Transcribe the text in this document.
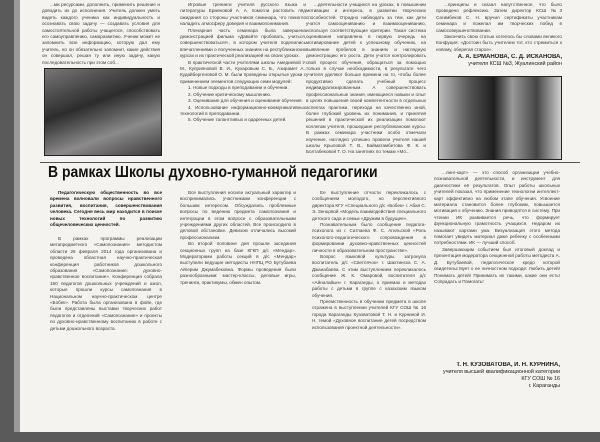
...ми ресурсами, дополнить, применить решение и доводить их до исполнения. Учитель должен уметь видеть каждого ученика как индивидуальность и осознавать свою задачу — создавать условия для самостоятельной работы учащегося, способствовать его самоуправлению, саморазвитию. Ученик может не запомнить всю информацию, которую дал ему учитель, но он обязательно запомнит, какие действия он совершал, решая ту или иную задачу, какую последовательность при этом соб...

Игровые тренинги учителя русского языка и литературы Ермековой А. А. помогли растопить лёд ожидания со стороны участников семинара, что помогло наладить атмосферу доверия и взаимопонимания.

Пленарная часть семинара была завершена демонстрацией фильма «Давайте пробовать, учиться, совершенствоваться!», в котором учителя поделились впечатлениями о полученных знаниях на республиканских курсах и их практической реализацией на своих уроках.

В практической части учителями школы Амедиевой У. М., Куприяновой В. И., Кухаровым С. Б., Азирамет А., Кудайбергеновой О. М. были проведены открытые уроки с применением элементов следующих семи модулей:

1. Новые подходы в преподавании и обучении.

2. Обучение критическому мышлению.

3. Оценивание для обучения и оценивание обучения.

4. Использование информационно-коммуникативных технологий в преподавании.

5. Обучение талантливых и одаренных детей.

...деятельности учащихся на уроках, в повышении мотивации и интереса, в развитии творческих способностей. Отрадно наблюдать за тем, как дети учатся самооцениванию и взаимооцениванию, используя соответствующие критерии. Такая система оценивания направлена в первую очередь на мотивирование детей к успешному обучению, на выявление пробелов в знаниях и наглядную демонстрацию его роста. Дети учатся контролировать свой процесс обучения, обращаться за помощью только в случае необходимости, в результате чего учителя уделяют больше времени на то, чтобы более продуктивно сделать учебный процесс индивидуализированным. А совершенствовать профессиональные знания, имеющиеся навыки и опыт в целях повышения своей компетентности в отдельных аспектах практики, перехода на качественно иной, более глубокий уровень их понимания, и принятия решений в практической их реализации помогают коллегам учителя, прошедшие республиканские курсы. В рамках семинара участники особо отмечали изучение, наглядно успешно провели учителя нашей школы Крыловой Т. В., Байматамбетова Ф. К. и Болтабековой Т. О. На занятиях по темам «Мо...

...принципы и сказал напутственное, что было проведено рефлексию. Затем директор КСШ №3 Сагимбеков С. Н. вручил сертификаты участникам семинара и пожелал им творческих побед в самосовершенствовании.

Закончить свою статью хотелось бы словами великого Конфуция: «Достоин быть учителем тот, кто стремиться к новому, оберегая старое».

А. А. ЕРМАНОВА, С. Д. ИСКАНОВА,
учителя КСШ №3, Жуалинский район
В рамках Школы духовно-гуманной педагогики

Педагогическую общественность во все времена волновали вопросы нравственного развития, воспитания, совершенствования человека. Сегодня весь мир находится в поиске новых технологий по развитию общечеловеческих ценностей.

В рамках программы реализации метапредметного «Самопознания» методистом области 26 февраля 2014 года организована и проведена областная научно-практическая конференция работников дошкольного образования «Самопознание: духовно-нравственное воспитание». Конференция собрала 150 педагогов дошкольных учреждений и школ, которые прошли курсы самопознания в Национальном научно-практическом центре «Бобек». Работа была организована в фойе, где были представлены выставки творческих работ педагогов и отделений «Самопознание» и проекты по духовно-нравственному воспитанию в работе с детьми дошкольного возраста.

Все выступления носили актуальный характер и воспринимались участниками конференции с большим интересом. Обсуждались проблемные вопросы по ведению предмета самопознания и интеграции в этом вопросе с образовательными учреждениями других областей. Все происходило в деловой обстановке. Девизом отличались высокий профессионализм.

Во второй половине дня прошли заседания секционных групп на базе КГКП д/с «Мендар». Модераторами работы секций в д/с «Мендар» выступили ведущие методисты ННПЦ РО Бутубаева Айгерим Джумабековна. Формы проведения были разнообразными: мастер-классы, деловые игры, тренинги, практикумы, обмен опытом.

Ее выступление отчасти перекликалось с сообщением молодого, но перспективного директора КГУ «Специального д/с «Бобек» г. Абая С. Э. Зенцовой «Модель взаимодействия специального детского сада и семьи «Дружим в будущее».

Познавательным было сообщение педагога-психолога из г. Сатпаева Ф. С. Агильской «Роль психолого-педагогического сопровождения в формировании духовно-нравственных ценностей личности в образовательном пространстве».

Вопрос языковой культуры затронула воспитатель д/с «Светлячок» г. Шахтинска С. А. Джанабаева. С этим выступлением перекликалось сообщение Ж. К. Омаровой, воспитателя д/с «Айналайын» г. Караганды, о приемах и методах работы с детьми в группе с казахским языком обучения.

Преемственность в обучении предмета в школе отражена в выступлении учителей КГУ СОШ № 16 города Караганды Кузоватовой Т. Н. и Курниной И. Н. темой «Духовное воспитание детей посредством использования проектной деятельности».

...линг-карт» — это способ организации учебно-познавательной деятельности, и инструмент для диагностики её результатов. Опыт работы школьных учителей показал, что применение технологии интеллект-карт эффективно на любом этапе обучения. Усвоение материала становится более глубоким, повышается мотивация к обучению. Знания приводятся в систему. При чтении ИК развивается речь, что формирует функциональную грамотность учащихся. Недаром их называют картами ума. Визуализация этого метода помогает увидеть материал даже ребенку с особенными потребностями. ИК — лучший способ.

Завершающим событием был итоговый доклад и презентация модератора секционной работы методиста А. Д. Бутубаевой, педагогическое кредо которой свидетельствует о ее личностном подходе: Любить детей! Понимать детей! Принимать их такими, какие они есть! Сопрадать и Помогать!

Т. Н. КУЗОВАТОВА, И. Н. КУРНИНА,
учителя высшей квалификационной категории
КГУ СОШ № 16
г. Караганды
